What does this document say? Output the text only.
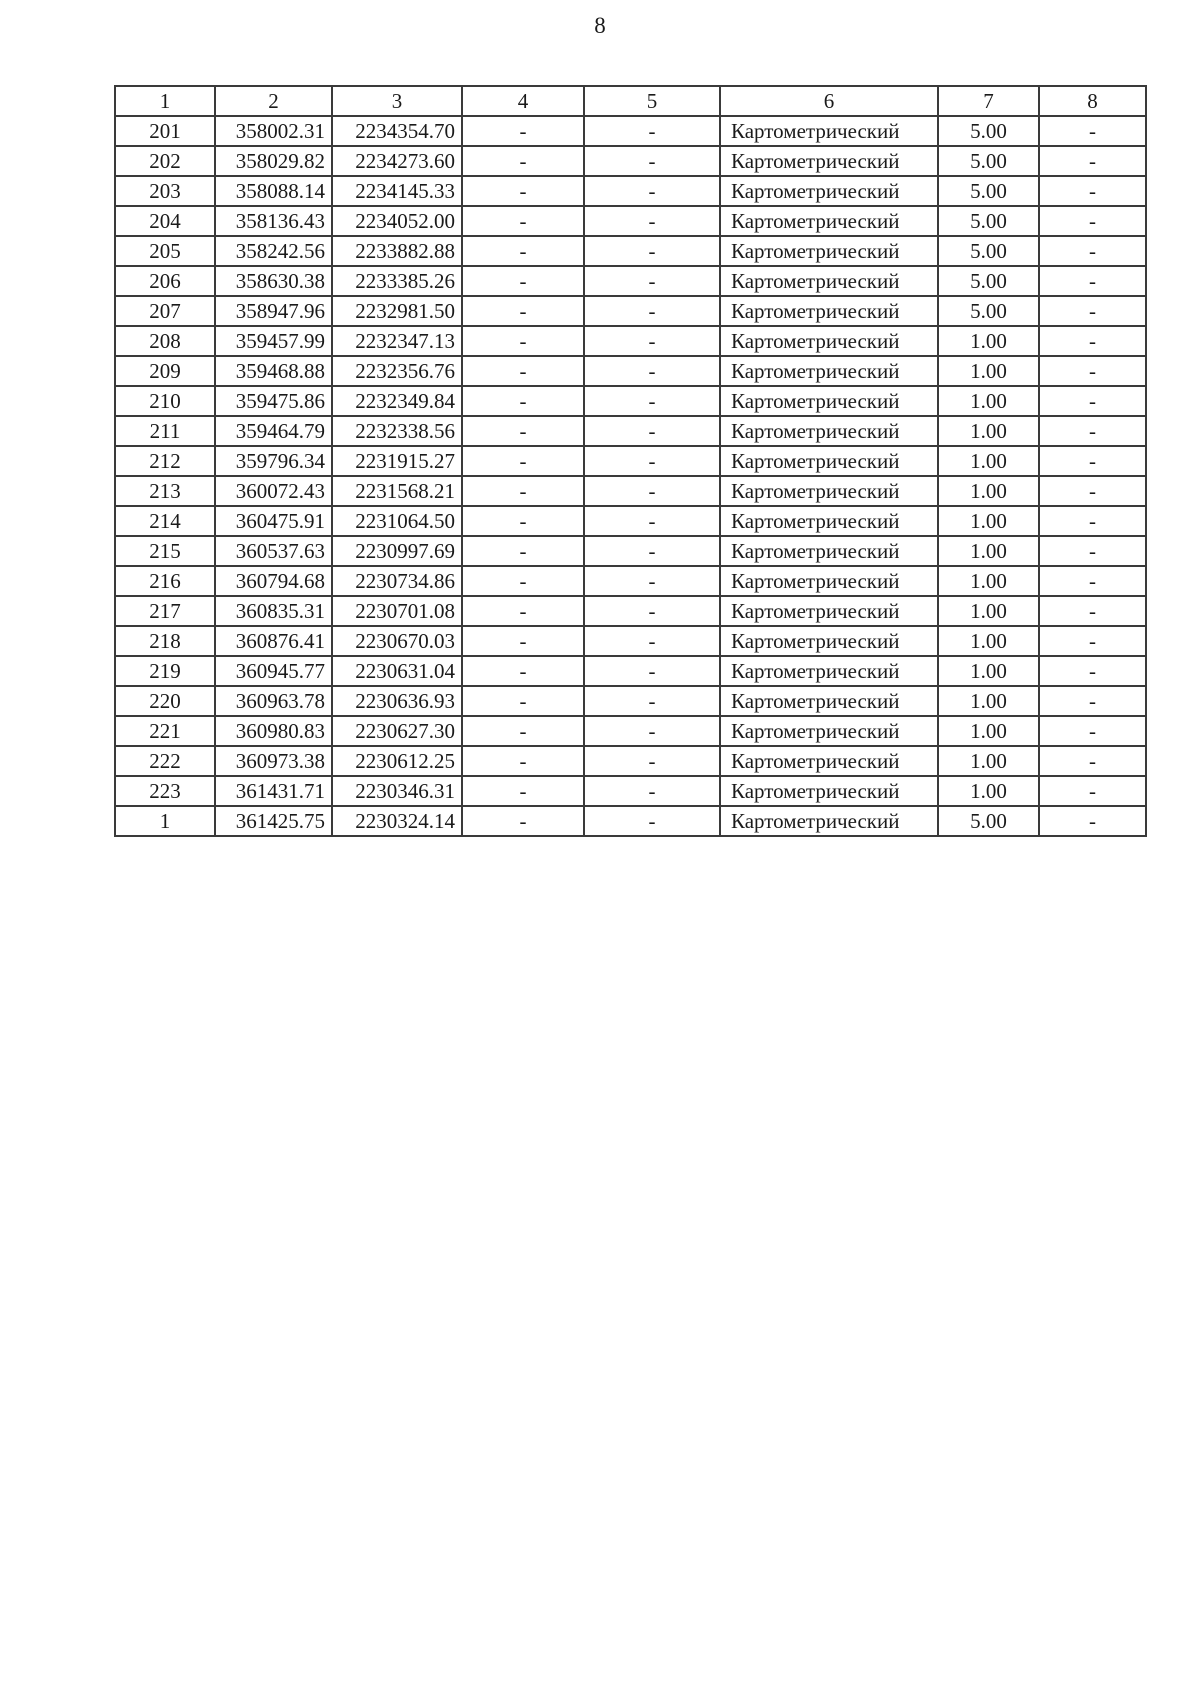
8
1	2	3	4	5	6	7	8
201	358002.31	2234354.70	-	-	Картометрический	5.00	-
202	358029.82	2234273.60	-	-	Картометрический	5.00	-
203	358088.14	2234145.33	-	-	Картометрический	5.00	-
204	358136.43	2234052.00	-	-	Картометрический	5.00	-
205	358242.56	2233882.88	-	-	Картометрический	5.00	-
206	358630.38	2233385.26	-	-	Картометрический	5.00	-
207	358947.96	2232981.50	-	-	Картометрический	5.00	-
208	359457.99	2232347.13	-	-	Картометрический	1.00	-
209	359468.88	2232356.76	-	-	Картометрический	1.00	-
210	359475.86	2232349.84	-	-	Картометрический	1.00	-
211	359464.79	2232338.56	-	-	Картометрический	1.00	-
212	359796.34	2231915.27	-	-	Картометрический	1.00	-
213	360072.43	2231568.21	-	-	Картометрический	1.00	-
214	360475.91	2231064.50	-	-	Картометрический	1.00	-
215	360537.63	2230997.69	-	-	Картометрический	1.00	-
216	360794.68	2230734.86	-	-	Картометрический	1.00	-
217	360835.31	2230701.08	-	-	Картометрический	1.00	-
218	360876.41	2230670.03	-	-	Картометрический	1.00	-
219	360945.77	2230631.04	-	-	Картометрический	1.00	-
220	360963.78	2230636.93	-	-	Картометрический	1.00	-
221	360980.83	2230627.30	-	-	Картометрический	1.00	-
222	360973.38	2230612.25	-	-	Картометрический	1.00	-
223	361431.71	2230346.31	-	-	Картометрический	1.00	-
1	361425.75	2230324.14	-	-	Картометрический	5.00	-
